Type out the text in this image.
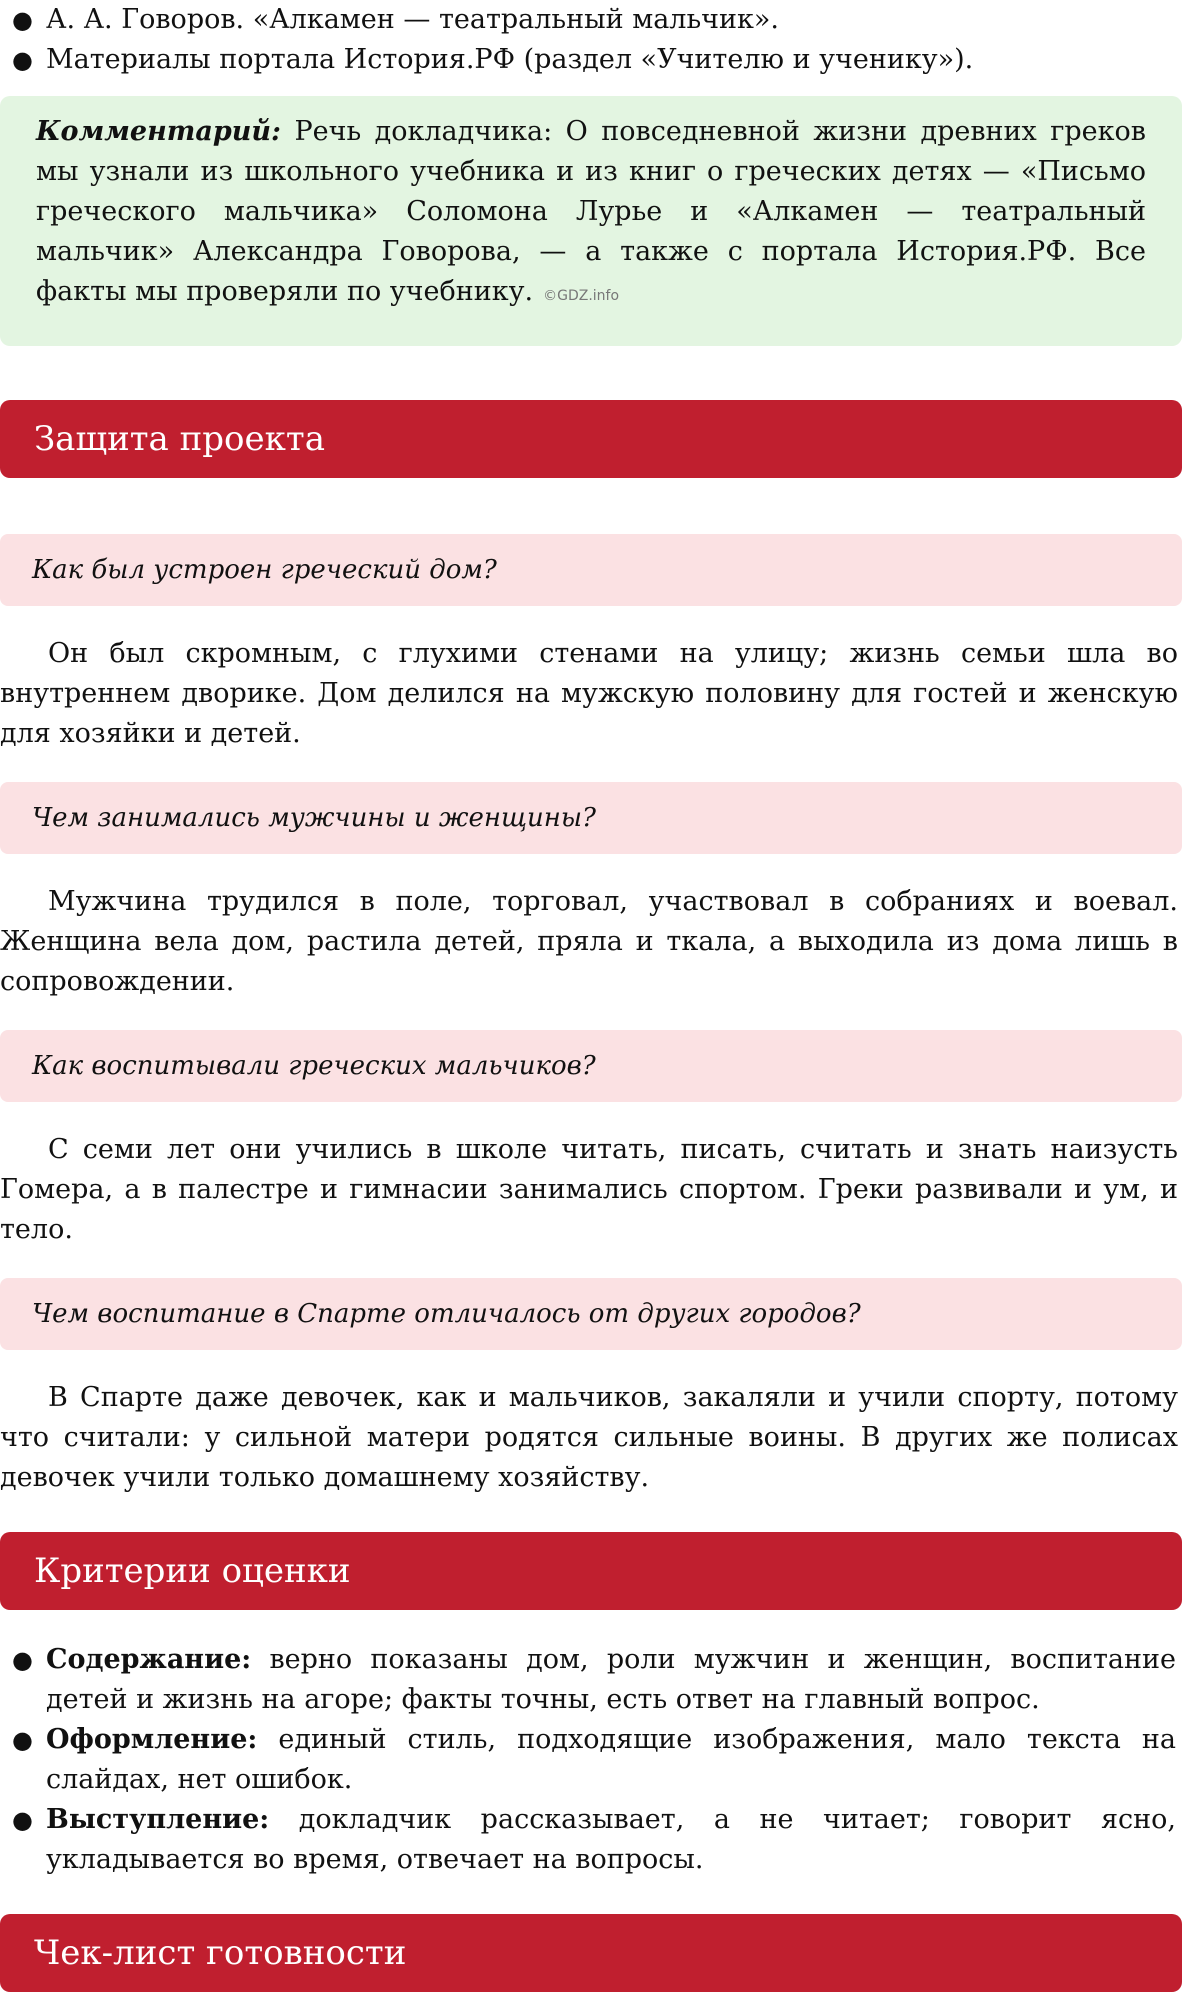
● А. А. Говоров. «Алкамен — театральный мальчик».
● Материалы портала История.РФ (раздел «Учителю и ученику»).
Комментарий: Речь докладчика: О повседневной жизни древних греков мы узнали из школьного учебника и из книг о греческих детях — «Письмо греческого мальчика» Соломона Лурье и «Алкамен — театральный мальчик» Александра Говорова, — а также с портала История.РФ. Все факты мы проверяли по учебнику. ©GDZ.info
Защита проекта
Как был устроен греческий дом?

Он был скромным, с глухими стенами на улицу; жизнь семьи шла во внутреннем дворике. Дом делился на мужскую половину для гостей и женскую для хозяйки и детей.

Чем занимались мужчины и женщины?

Мужчина трудился в поле, торговал, участвовал в собраниях и воевал. Женщина вела дом, растила детей, пряла и ткала, а выходила из дома лишь в сопровождении.

Как воспитывали греческих мальчиков?

С семи лет они учились в школе читать, писать, считать и знать наизусть Гомера, а в палестре и гимнасии занимались спортом. Греки развивали и ум, и тело.

Чем воспитание в Спарте отличалось от других городов?

В Спарте даже девочек, как и мальчиков, закаляли и учили спорту, потому что считали: у сильной матери родятся сильные воины. В других же полисах девочек учили только домашнему хозяйству.

Критерии оценки
● Содержание: верно показаны дом, роли мужчин и женщин, воспитание детей и жизнь на агоре; факты точны, есть ответ на главный вопрос.
● Оформление: единый стиль, подходящие изображения, мало текста на слайдах, нет ошибок.
● Выступление: докладчик рассказывает, а не читает; говорит ясно, укладывается во время, отвечает на вопросы.
Чек-лист готовности
